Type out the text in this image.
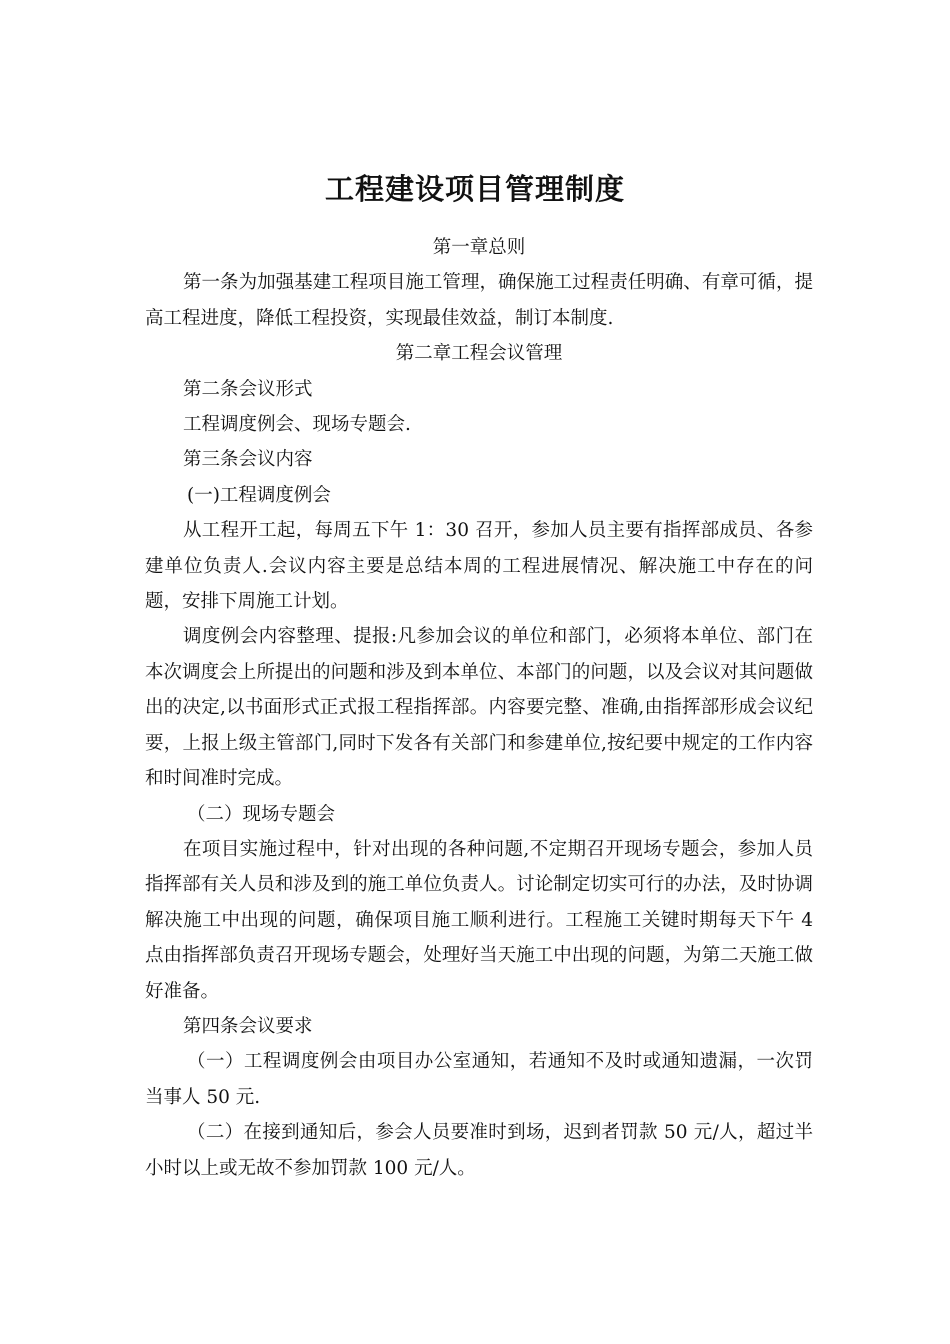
工程建设项目管理制度

第一章总则

第一条为加强基建工程项目施工管理，确保施工过程责任明确、有章可循，提高工程进度，降低工程投资，实现最佳效益，制订本制度.

第二章工程会议管理

第二条会议形式

工程调度例会、现场专题会.

第三条会议内容

(一)工程调度例会

从工程开工起，每周五下午 1：30 召开，参加人员主要有指挥部成员、各参建单位负责人.会议内容主要是总结本周的工程进展情况、解决施工中存在的问题，安排下周施工计划。

调度例会内容整理、提报:凡参加会议的单位和部门，必须将本单位、部门在本次调度会上所提出的问题和涉及到本单位、本部门的问题，以及会议对其问题做出的决定,以书面形式正式报工程指挥部。内容要完整、准确,由指挥部形成会议纪要，上报上级主管部门,同时下发各有关部门和参建单位,按纪要中规定的工作内容和时间准时完成。

（二）现场专题会

在项目实施过程中，针对出现的各种问题,不定期召开现场专题会，参加人员指挥部有关人员和涉及到的施工单位负责人。讨论制定切实可行的办法，及时协调解决施工中出现的问题，确保项目施工顺利进行。工程施工关键时期每天下午 4 点由指挥部负责召开现场专题会，处理好当天施工中出现的问题，为第二天施工做好准备。

第四条会议要求

（一）工程调度例会由项目办公室通知，若通知不及时或通知遗漏，一次罚当事人 50 元.

（二）在接到通知后，参会人员要准时到场，迟到者罚款 50 元/人，超过半小时以上或无故不参加罚款 100 元/人。
